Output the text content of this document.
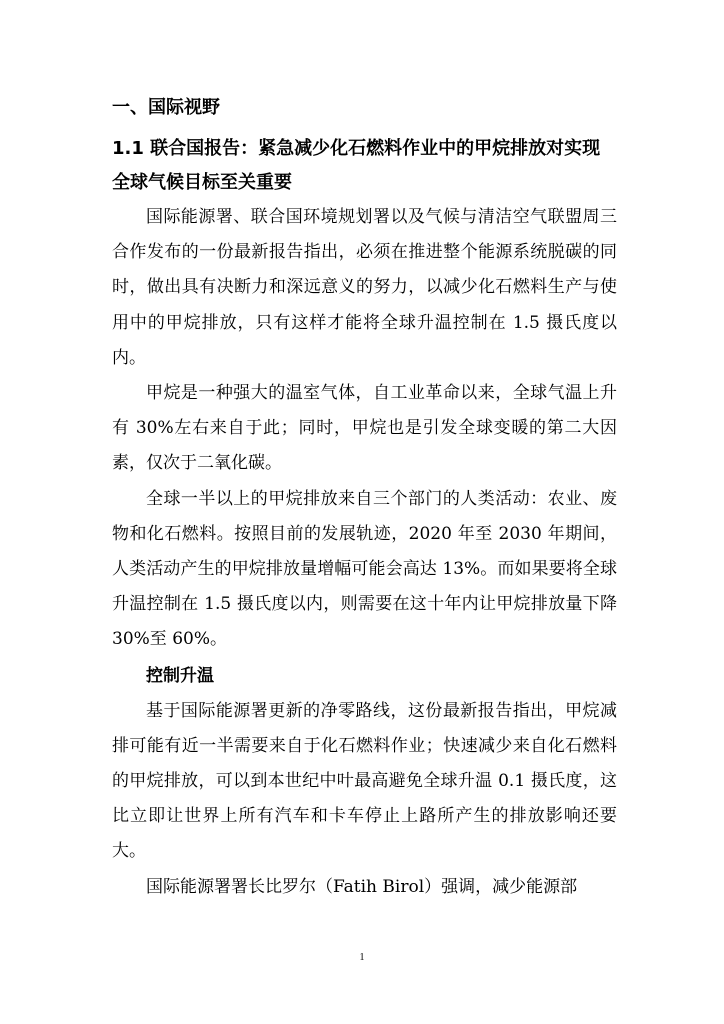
一、国际视野
1.1 联合国报告：紧急减少化石燃料作业中的甲烷排放对实现全球气候目标至关重要

国际能源署、联合国环境规划署以及气候与清洁空气联盟周三合作发布的一份最新报告指出，必须在推进整个能源系统脱碳的同时，做出具有决断力和深远意义的努力，以减少化石燃料生产与使用中的甲烷排放，只有这样才能将全球升温控制在 1.5 摄氏度以内。

甲烷是一种强大的温室气体，自工业革命以来，全球气温上升有 30%左右来自于此；同时，甲烷也是引发全球变暖的第二大因素，仅次于二氧化碳。

全球一半以上的甲烷排放来自三个部门的人类活动：农业、废物和化石燃料。按照目前的发展轨迹，2020 年至 2030 年期间，人类活动产生的甲烷排放量增幅可能会高达 13%。而如果要将全球升温控制在 1.5 摄氏度以内，则需要在这十年内让甲烷排放量下降 30%至 60%。

控制升温

基于国际能源署更新的净零路线，这份最新报告指出，甲烷减排可能有近一半需要来自于化石燃料作业；快速减少来自化石燃料的甲烷排放，可以到本世纪中叶最高避免全球升温 0.1 摄氏度，这比立即让世界上所有汽车和卡车停止上路所产生的排放影响还要大。

国际能源署署长比罗尔（Fatih Birol）强调，减少能源部

1
